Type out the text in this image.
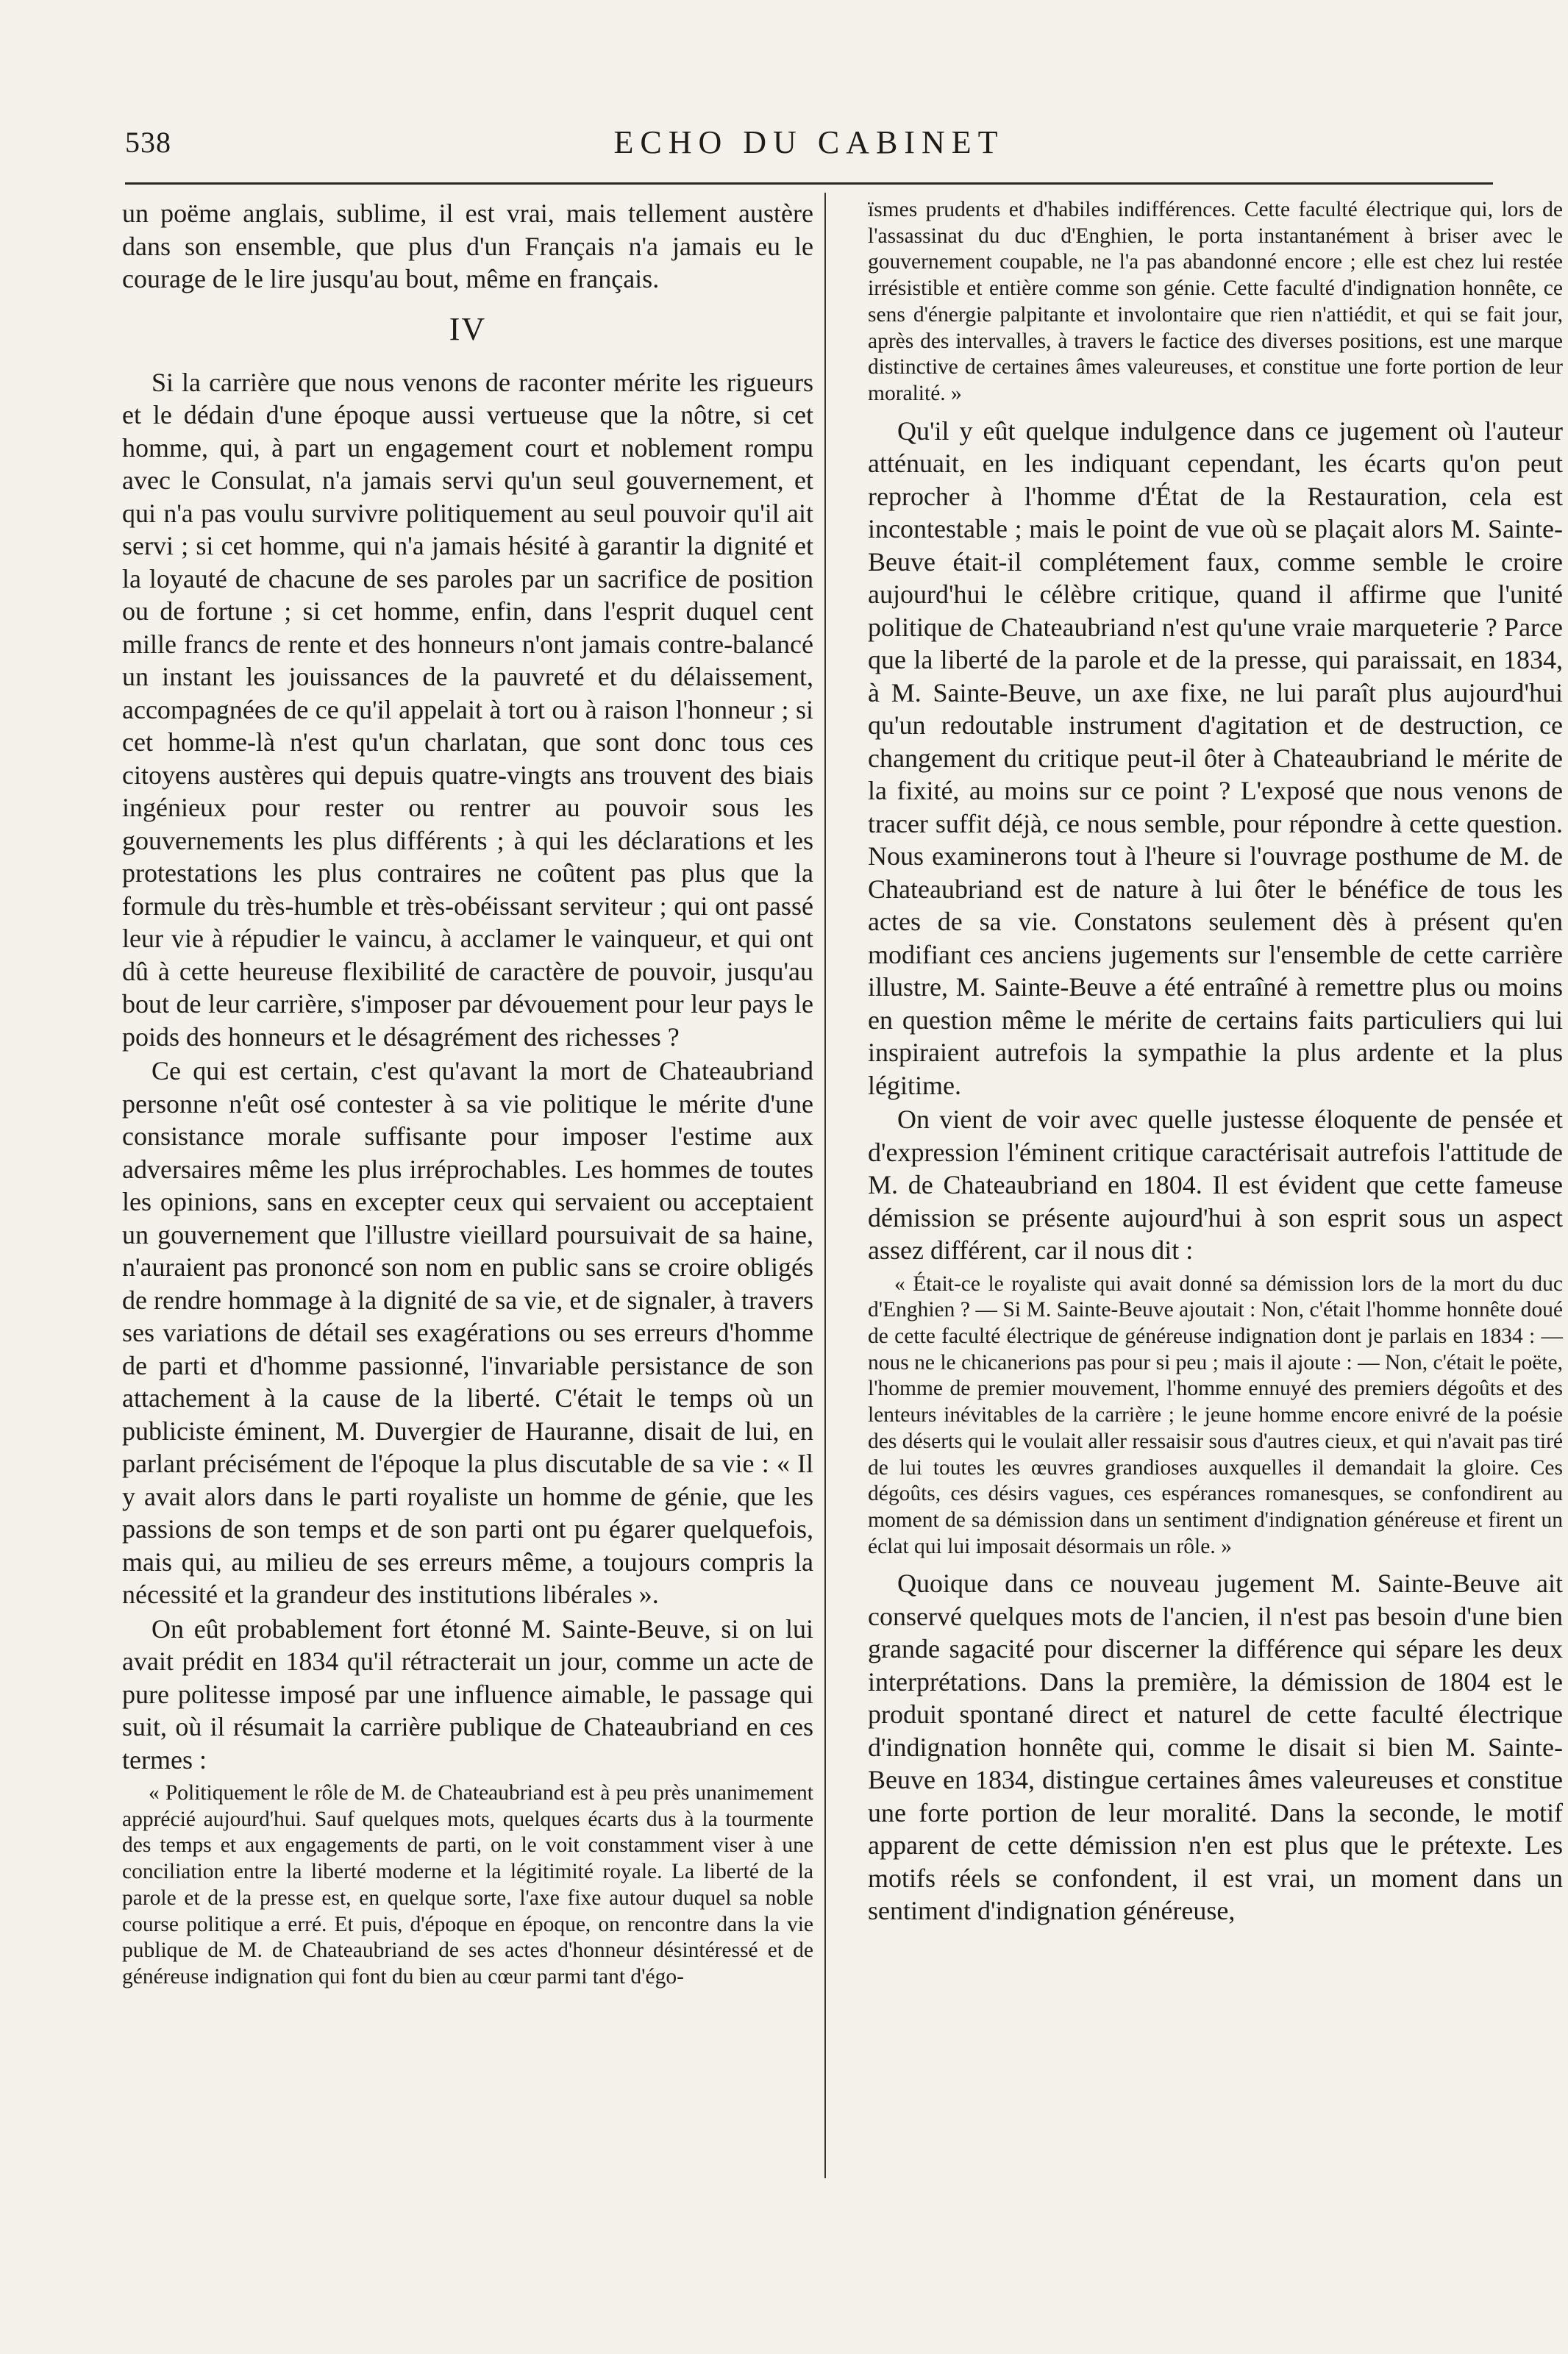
538	ECHO DU CABINET

un poëme anglais, sublime, il est vrai, mais tellement austère dans son ensemble, que plus d'un Français n'a jamais eu le courage de le lire jusqu'au bout, même en français.

IV

Si la carrière que nous venons de raconter mérite les rigueurs et le dédain d'une époque aussi vertueuse que la nôtre, si cet homme, qui, à part un engagement court et noblement rompu avec le Consulat, n'a jamais servi qu'un seul gouvernement, et qui n'a pas voulu survivre politiquement au seul pouvoir qu'il ait servi ; si cet homme, qui n'a jamais hésité à garantir la dignité et la loyauté de chacune de ses paroles par un sacrifice de position ou de fortune ; si cet homme, enfin, dans l'esprit duquel cent mille francs de rente et des honneurs n'ont jamais contre-balancé un instant les jouissances de la pauvreté et du délaissement, accompagnées de ce qu'il appelait à tort ou à raison l'honneur ; si cet homme-là n'est qu'un charlatan, que sont donc tous ces citoyens austères qui depuis quatre-vingts ans trouvent des biais ingénieux pour rester ou rentrer au pouvoir sous les gouvernements les plus différents ; à qui les déclarations et les protestations les plus contraires ne coûtent pas plus que la formule du très-humble et très-obéissant serviteur ; qui ont passé leur vie à répudier le vaincu, à acclamer le vainqueur, et qui ont dû à cette heureuse flexibilité de caractère de pouvoir, jusqu'au bout de leur carrière, s'imposer par dévouement pour leur pays le poids des honneurs et le désagrément des richesses ?

Ce qui est certain, c'est qu'avant la mort de Chateaubriand personne n'eût osé contester à sa vie politique le mérite d'une consistance morale suffisante pour imposer l'estime aux adversaires même les plus irréprochables. Les hommes de toutes les opinions, sans en excepter ceux qui servaient ou acceptaient un gouvernement que l'illustre vieillard poursuivait de sa haine, n'auraient pas prononcé son nom en public sans se croire obligés de rendre hommage à la dignité de sa vie, et de signaler, à travers ses variations de détail ses exagérations ou ses erreurs d'homme de parti et d'homme passionné, l'invariable persistance de son attachement à la cause de la liberté. C'était le temps où un publiciste éminent, M. Duvergier de Hauranne, disait de lui, en parlant précisément de l'époque la plus discutable de sa vie : « Il y avait alors dans le parti royaliste un homme de génie, que les passions de son temps et de son parti ont pu égarer quelquefois, mais qui, au milieu de ses erreurs même, a toujours compris la nécessité et la grandeur des institutions libérales ».

On eût probablement fort étonné M. Sainte-Beuve, si on lui avait prédit en 1834 qu'il rétracterait un jour, comme un acte de pure politesse imposé par une influence aimable, le passage qui suit, où il résumait la carrière publique de Chateaubriand en ces termes :

« Politiquement le rôle de M. de Chateaubriand est à peu près unanimement apprécié aujourd'hui. Sauf quelques mots, quelques écarts dus à la tourmente des temps et aux engagements de parti, on le voit constamment viser à une conciliation entre la liberté moderne et la légitimité royale. La liberté de la parole et de la presse est, en quelque sorte, l'axe fixe autour duquel sa noble course politique a erré. Et puis, d'époque en époque, on rencontre dans la vie publique de M. de Chateaubriand de ses actes d'honneur désintéressé et de généreuse indignation qui font du bien au cœur parmi tant d'égo-

ïsmes prudents et d'habiles indifférences. Cette faculté électrique qui, lors de l'assassinat du duc d'Enghien, le porta instantanément à briser avec le gouvernement coupable, ne l'a pas abandonné encore ; elle est chez lui restée irrésistible et entière comme son génie. Cette faculté d'indignation honnête, ce sens d'énergie palpitante et involontaire que rien n'attiédit, et qui se fait jour, après des intervalles, à travers le factice des diverses positions, est une marque distinctive de certaines âmes valeureuses, et constitue une forte portion de leur moralité. »

Qu'il y eût quelque indulgence dans ce jugement où l'auteur atténuait, en les indiquant cependant, les écarts qu'on peut reprocher à l'homme d'État de la Restauration, cela est incontestable ; mais le point de vue où se plaçait alors M. Sainte-Beuve était-il complétement faux, comme semble le croire aujourd'hui le célèbre critique, quand il affirme que l'unité politique de Chateaubriand n'est qu'une vraie marqueterie ? Parce que la liberté de la parole et de la presse, qui paraissait, en 1834, à M. Sainte-Beuve, un axe fixe, ne lui paraît plus aujourd'hui qu'un redoutable instrument d'agitation et de destruction, ce changement du critique peut-il ôter à Chateaubriand le mérite de la fixité, au moins sur ce point ? L'exposé que nous venons de tracer suffit déjà, ce nous semble, pour répondre à cette question. Nous examinerons tout à l'heure si l'ouvrage posthume de M. de Chateaubriand est de nature à lui ôter le bénéfice de tous les actes de sa vie. Constatons seulement dès à présent qu'en modifiant ces anciens jugements sur l'ensemble de cette carrière illustre, M. Sainte-Beuve a été entraîné à remettre plus ou moins en question même le mérite de certains faits particuliers qui lui inspiraient autrefois la sympathie la plus ardente et la plus légitime.

On vient de voir avec quelle justesse éloquente de pensée et d'expression l'éminent critique caractérisait autrefois l'attitude de M. de Chateaubriand en 1804. Il est évident que cette fameuse démission se présente aujourd'hui à son esprit sous un aspect assez différent, car il nous dit :

« Était-ce le royaliste qui avait donné sa démission lors de la mort du duc d'Enghien ? — Si M. Sainte-Beuve ajoutait : Non, c'était l'homme honnête doué de cette faculté électrique de généreuse indignation dont je parlais en 1834 : — nous ne le chicanerions pas pour si peu ; mais il ajoute : — Non, c'était le poëte, l'homme de premier mouvement, l'homme ennuyé des premiers dégoûts et des lenteurs inévitables de la carrière ; le jeune homme encore enivré de la poésie des déserts qui le voulait aller ressaisir sous d'autres cieux, et qui n'avait pas tiré de lui toutes les œuvres grandioses auxquelles il demandait la gloire. Ces dégoûts, ces désirs vagues, ces espérances romanesques, se confondirent au moment de sa démission dans un sentiment d'indignation généreuse et firent un éclat qui lui imposait désormais un rôle. »

Quoique dans ce nouveau jugement M. Sainte-Beuve ait conservé quelques mots de l'ancien, il n'est pas besoin d'une bien grande sagacité pour discerner la différence qui sépare les deux interprétations. Dans la première, la démission de 1804 est le produit spontané direct et naturel de cette faculté électrique d'indignation honnête qui, comme le disait si bien M. Sainte-Beuve en 1834, distingue certaines âmes valeureuses et constitue une forte portion de leur moralité. Dans la seconde, le motif apparent de cette démission n'en est plus que le prétexte. Les motifs réels se confondent, il est vrai, un moment dans un sentiment d'indignation généreuse,
